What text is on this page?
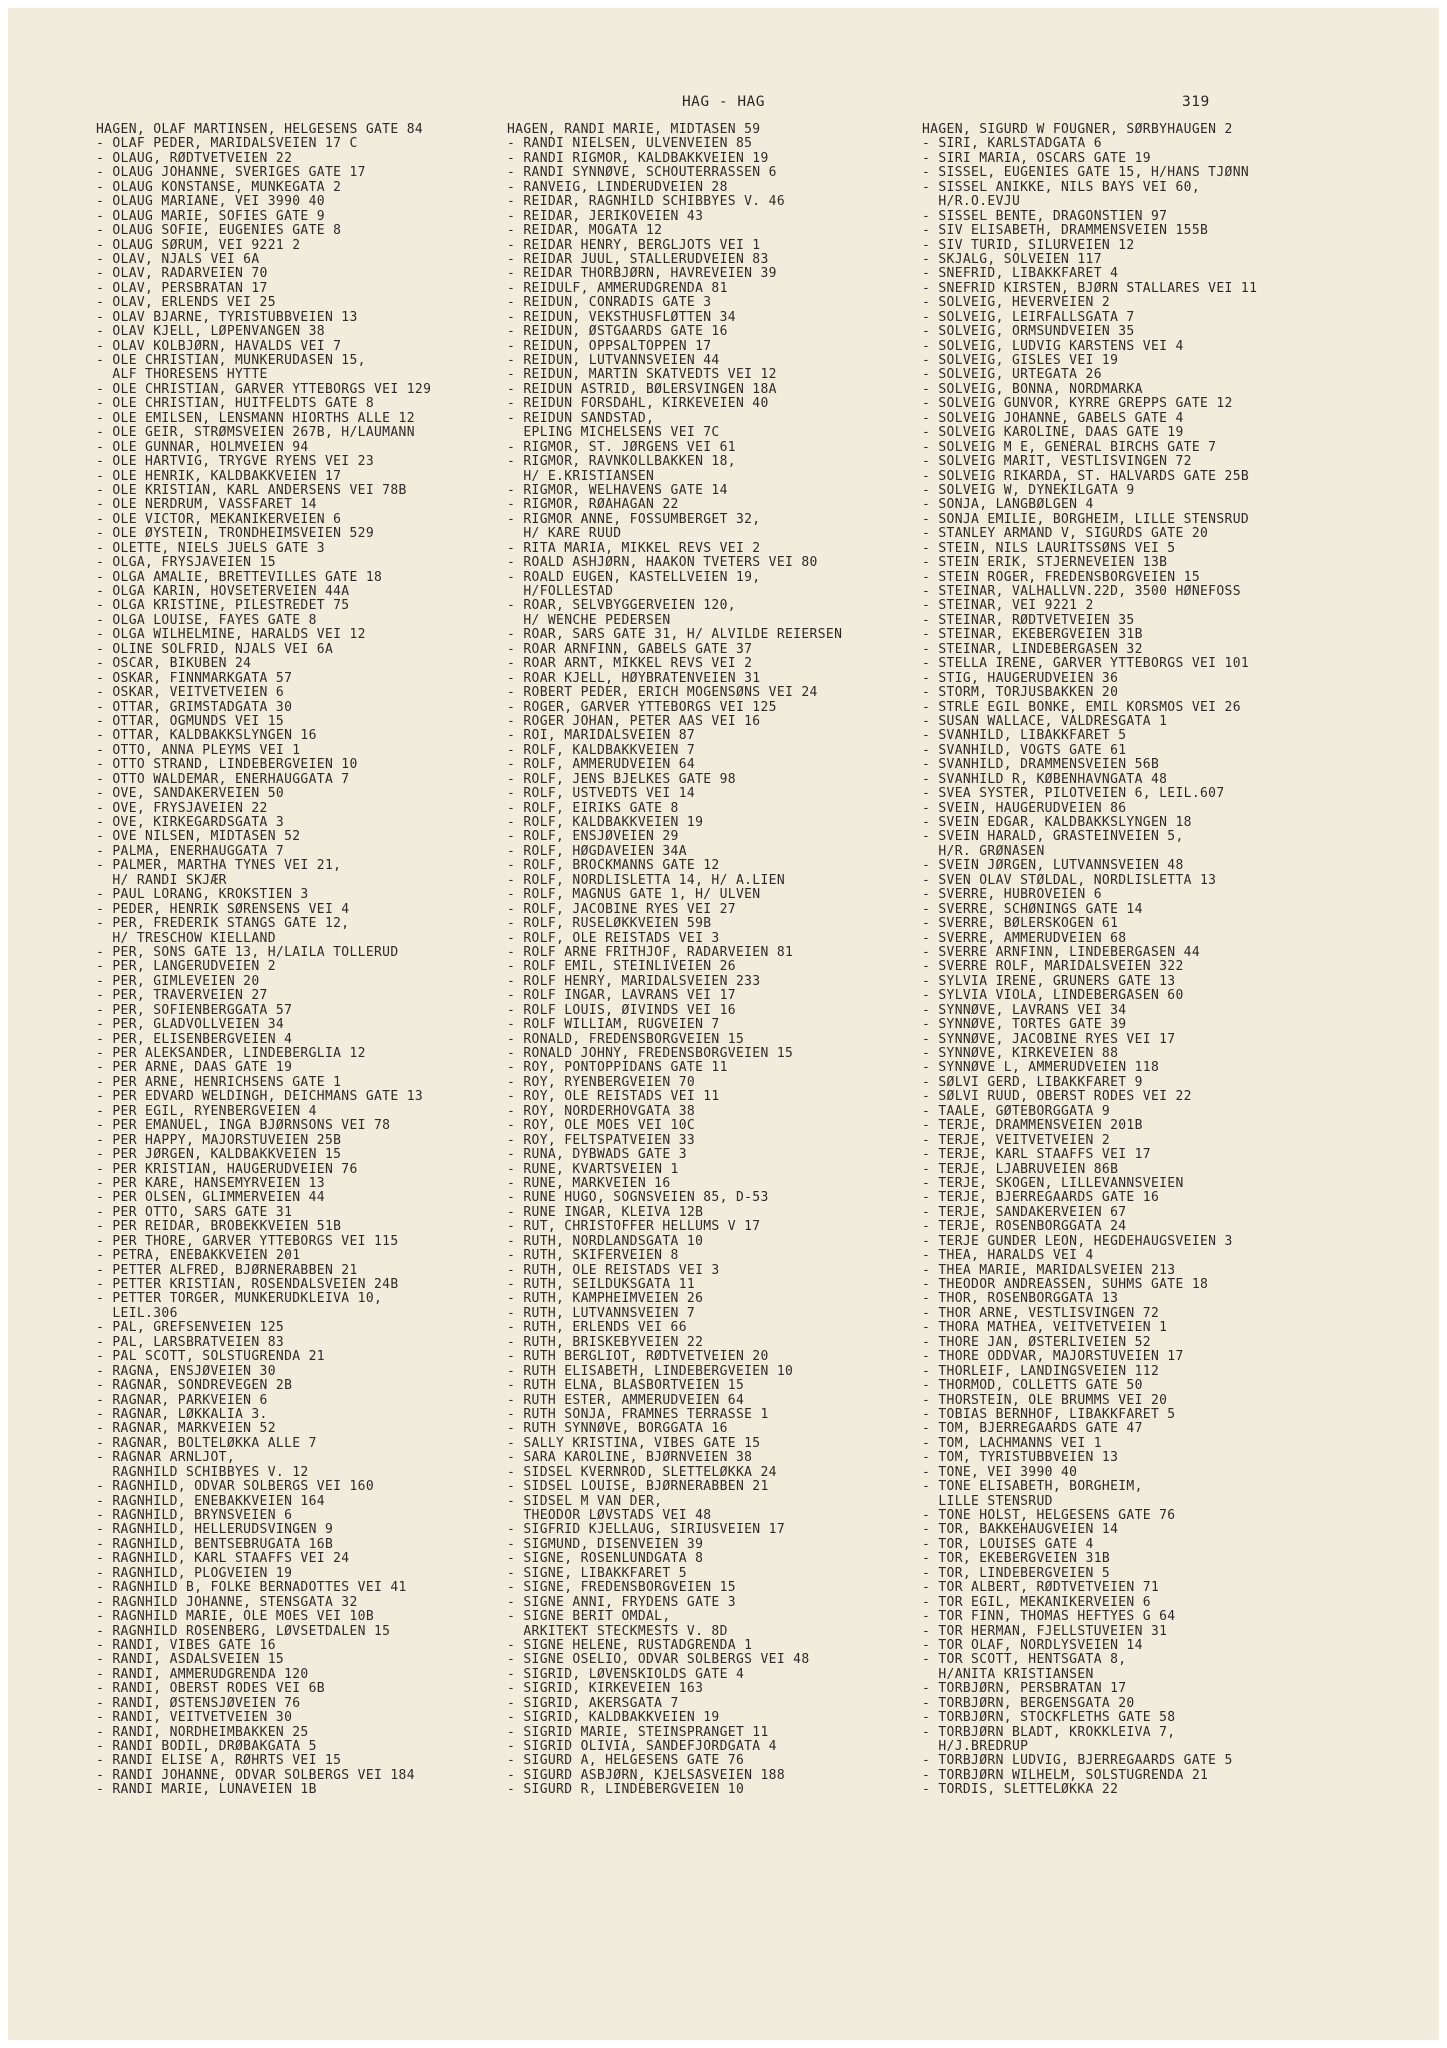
HAG - HAG	319
HAGEN, OLAF MARTINSEN, HELGESENS GATE 84
- OLAF PEDER, MARIDALSVEIEN 17 C
- OLAUG, RØDTVETVEIEN 22
- OLAUG JOHANNE, SVERIGES GATE 17
- OLAUG KONSTANSE, MUNKEGATA 2
- OLAUG MARIANE, VEI 3990 40
- OLAUG MARIE, SOFIES GATE 9
- OLAUG SOFIE, EUGENIES GATE 8
- OLAUG SØRUM, VEI 9221 2
- OLAV, NJÅLS VEI 6A
- OLAV, RADARVEIEN 70
- OLAV, PERSBRÅTAN 17
- OLAV, ERLENDS VEI 25
- OLAV BJARNE, TYRISTUBBVEIEN 13
- OLAV KJELL, LØPENVANGEN 38
- OLAV KOLBJØRN, HÅVALDS VEI 7
- OLE CHRISTIAN, MUNKERUDÅSEN 15,
ALF THORESENS HYTTE
- OLE CHRISTIAN, GARVER YTTEBORGS VEI 129
- OLE CHRISTIAN, HUITFELDTS GATE 8
- OLE EMILSEN, LENSMANN HIORTHS ALLE 12
- OLE GEIR, STRØMSVEIEN 267B, H/LAUMANN
- OLE GUNNAR, HOLMVEIEN 94
- OLE HARTVIG, TRYGVE RYENS VEI 23
- OLE HENRIK, KALDBAKKVEIEN 17
- OLE KRISTIAN, KARL ANDERSENS VEI 78B
- OLE NERDRUM, VASSFARET 14
- OLE VICTOR, MEKANIKERVEIEN 6
- OLE ØYSTEIN, TRONDHEIMSVEIEN 529
- OLETTE, NIELS JUELS GATE 3
- OLGA, FRYSJAVEIEN 15
- OLGA AMALIE, BRETTEVILLES GATE 18
- OLGA KARIN, HOVSETERVEIEN 44A
- OLGA KRISTINE, PILESTREDET 75
- OLGA LOUISE, FAYES GATE 8
- OLGA WILHELMINE, HARALDS VEI 12
- OLINE SOLFRID, NJÅLS VEI 6A
- OSCAR, BIKUBEN 24
- OSKAR, FINNMARKGATA 57
- OSKAR, VEITVETVEIEN 6
- OTTAR, GRIMSTADGATA 30
- OTTAR, OGMUNDS VEI 15
- OTTAR, KALDBAKKSLYNGEN 16
- OTTO, ANNA PLEYMS VEI 1
- OTTO STRAND, LINDEBERGVEIEN 10
- OTTO WALDEMAR, ENERHAUGGATA 7
- OVE, SANDAKERVEIEN 50
- OVE, FRYSJAVEIEN 22
- OVE, KIRKEGÅRDSGATA 3
- OVE NILSEN, MIDTÅSEN 52
- PALMA, ENERHAUGGATA 7
- PALMER, MARTHA TYNES VEI 21,
H/ RANDI SKJÆR
- PAUL LORANG, KROKSTIEN 3
- PEDER, HENRIK SØRENSENS VEI 4
- PER, FREDERIK STANGS GATE 12,
H/ TRESCHOW KIELLAND
- PER, SONS GATE 13, H/LAILA TOLLERUD
- PER, LANGERUDVEIEN 2
- PER, GIMLEVEIEN 20
- PER, TRAVERVEIEN 27
- PER, SOFIENBERGGATA 57
- PER, GLADVOLLVEIEN 34
- PER, ELISENBERGVEIEN 4
- PER ALEKSANDER, LINDEBERGLIA 12
- PER ARNE, DAAS GATE 19
- PER ARNE, HENRICHSENS GATE 1
- PER EDVARD WELDINGH, DEICHMANS GATE 13
- PER EGIL, RYENBERGVEIEN 4
- PER EMANUEL, INGA BJØRNSONS VEI 78
- PER HAPPY, MAJORSTUVEIEN 25B
- PER JØRGEN, KALDBAKKVEIEN 15
- PER KRISTIAN, HAUGERUDVEIEN 76
- PER KÅRE, HANSEMYRVEIEN 13
- PER OLSEN, GLIMMERVEIEN 44
- PER OTTO, SARS GATE 31
- PER REIDAR, BROBEKKVEIEN 51B
- PER THORE, GARVER YTTEBORGS VEI 115
- PETRA, ENEBAKKVEIEN 201
- PETTER ALFRED, BJØRNERABBEN 21
- PETTER KRISTIAN, ROSENDALSVEIEN 24B
- PETTER TORGER, MUNKERUDKLEIVA 10,
LEIL.306
- PÅL, GREFSENVEIEN 125
- PÅL, LARSBRÅTVEIEN 83
- PÅL SCOTT, SOLSTUGRENDA 21
- RAGNA, ENSJØVEIEN 30
- RAGNAR, SONDREVEGEN 2B
- RAGNAR, PARKVEIEN 6
- RAGNAR, LØKKALIA 3.
- RAGNAR, MARKVEIEN 52
- RAGNAR, BOLTELØKKA ALLE 7
- RAGNAR ARNLJOT,
RAGNHILD SCHIBBYES V. 12
- RAGNHILD, ODVAR SOLBERGS VEI 160
- RAGNHILD, ENEBAKKVEIEN 164
- RAGNHILD, BRYNSVEIEN 6
- RAGNHILD, HELLERUDSVINGEN 9
- RAGNHILD, BENTSEBRUGATA 16B
- RAGNHILD, KARL STAAFFS VEI 24
- RAGNHILD, PLOGVEIEN 19
- RAGNHILD B, FOLKE BERNADOTTES VEI 41
- RAGNHILD JOHANNE, STENSGATA 32
- RAGNHILD MARIE, OLE MOES VEI 10B
- RAGNHILD ROSENBERG, LØVSETDALEN 15
- RANDI, VIBES GATE 16
- RANDI, ÅSDALSVEIEN 15
- RANDI, AMMERUDGRENDA 120
- RANDI, OBERST RODES VEI 6B
- RANDI, ØSTENSJØVEIEN 76
- RANDI, VEITVETVEIEN 30
- RANDI, NORDHEIMBAKKEN 25
- RANDI BODIL, DRØBAKGATA 5
- RANDI ELISE A, RØHRTS VEI 15
- RANDI JOHANNE, ODVAR SOLBERGS VEI 184
- RANDI MARIE, LUNAVEIEN 1B
HAGEN, RANDI MARIE, MIDTÅSEN 59
- RANDI NIELSEN, ULVENVEIEN 85
- RANDI RIGMOR, KALDBAKKVEIEN 19
- RANDI SYNNØVE, SCHOUTERRASSEN 6
- RANVEIG, LINDERUDVEIEN 28
- REIDAR, RAGNHILD SCHIBBYES V. 46
- REIDAR, JERIKOVEIEN 43
- REIDAR, MOGATA 12
- REIDAR HENRY, BERGLJOTS VEI 1
- REIDAR JUUL, STALLERUDVEIEN 83
- REIDAR THORBJØRN, HAVREVEIEN 39
- REIDULF, AMMERUDGRENDA 81
- REIDUN, CONRADIS GATE 3
- REIDUN, VEKSTHUSFLØTTEN 34
- REIDUN, ØSTGAARDS GATE 16
- REIDUN, OPPSALTOPPEN 17
- REIDUN, LUTVANNSVEIEN 44
- REIDUN, MARTIN SKATVEDTS VEI 12
- REIDUN ASTRID, BØLERSVINGEN 18A
- REIDUN FORSDAHL, KIRKEVEIEN 40
- REIDUN SANDSTAD,
EPLING MICHELSENS VEI 7C
- RIGMOR, ST. JØRGENS VEI 61
- RIGMOR, RAVNKOLLBAKKEN 18,
H/ E.KRISTIANSEN
- RIGMOR, WELHAVENS GATE 14
- RIGMOR, RØAHAGAN 22
- RIGMOR ANNE, FOSSUMBERGET 32,
H/ KÅRE RUUD
- RITA MARIA, MIKKEL REVS VEI 2
- ROALD ASHJØRN, HAAKON TVETERS VEI 80
- ROALD EUGEN, KASTELLVEIEN 19,
H/FOLLESTAD
- ROAR, SELVBYGGERVEIEN 120,
H/ WENCHE PEDERSEN
- ROAR, SARS GATE 31, H/ ALVILDE REIERSEN
- ROAR ARNFINN, GABELS GATE 37
- ROAR ARNT, MIKKEL REVS VEI 2
- ROAR KJELL, HØYBRÅTENVEIEN 31
- ROBERT PEDER, ERICH MOGENSØNS VEI 24
- ROGER, GARVER YTTEBORGS VEI 125
- ROGER JOHAN, PETER AAS VEI 16
- ROI, MARIDALSVEIEN 87
- ROLF, KALDBAKKVEIEN 7
- ROLF, AMMERUDVEIEN 64
- ROLF, JENS BJELKES GATE 98
- ROLF, USTVEDTS VEI 14
- ROLF, EIRIKS GATE 8
- ROLF, KALDBAKKVEIEN 19
- ROLF, ENSJØVEIEN 29
- ROLF, HØGDAVEIEN 34A
- ROLF, BROCKMANNS GATE 12
- ROLF, NORDLISLETTA 14, H/ A.LIEN
- ROLF, MAGNUS GATE 1, H/ ULVEN
- ROLF, JACOBINE RYES VEI 27
- ROLF, RUSELØKKVEIEN 59B
- ROLF, OLE REISTADS VEI 3
- ROLF ARNE FRITHJOF, RADARVEIEN 81
- ROLF EMIL, STEINLIVEIEN 26
- ROLF HENRY, MARIDALSVEIEN 233
- ROLF INGAR, LAVRANS VEI 17
- ROLF LOUIS, ØIVINDS VEI 16
- ROLF WILLIAM, RUGVEIEN 7
- RONALD, FREDENSBORGVEIEN 15
- RONALD JOHNY, FREDENSBORGVEIEN 15
- ROY, PONTOPPIDANS GATE 11
- ROY, RYENBERGVEIEN 70
- ROY, OLE REISTADS VEI 11
- ROY, NORDERHOVGATA 38
- ROY, OLE MOES VEI 10C
- ROY, FELTSPATVEIEN 33
- RUNA, DYBWADS GATE 3
- RUNE, KVARTSVEIEN 1
- RUNE, MARKVEIEN 16
- RUNE HUGO, SOGNSVEIEN 85, D-53
- RUNE INGAR, KLEIVA 12B
- RUT, CHRISTOFFER HELLUMS V 17
- RUTH, NORDLANDSGATA 10
- RUTH, SKIFERVEIEN 8
- RUTH, OLE REISTADS VEI 3
- RUTH, SEILDUKSGATA 11
- RUTH, KAMPHEIMVEIEN 26
- RUTH, LUTVANNSVEIEN 7
- RUTH, ERLENDS VEI 66
- RUTH, BRISKEBYVEIEN 22
- RUTH BERGLIOT, RØDTVETVEIEN 20
- RUTH ELISABETH, LINDEBERGVEIEN 10
- RUTH ELNA, BLÅSBORTVEIEN 15
- RUTH ESTER, AMMERUDVEIEN 64
- RUTH SONJA, FRAMNES TERRASSE 1
- RUTH SYNNØVE, BORGGATA 16
- SALLY KRISTINA, VIBES GATE 15
- SARA KAROLINE, BJØRNVEIEN 38
- SIDSEL KVERNROD, SLETTELØKKA 24
- SIDSEL LOUISE, BJØRNERABBEN 21
- SIDSEL M VAN DER,
THEODOR LØVSTADS VEI 48
- SIGFRID KJELLAUG, SIRIUSVEIEN 17
- SIGMUND, DISENVEIEN 39
- SIGNE, ROSENLUNDGATA 8
- SIGNE, LIBAKKFARET 5
- SIGNE, FREDENSBORGVEIEN 15
- SIGNE ANNI, FRYDENS GATE 3
- SIGNE BERIT OMDAL,
ARKITEKT STECKMESTS V. 8D
- SIGNE HELENE, RUSTADGRENDA 1
- SIGNE OSELIO, ODVAR SOLBERGS VEI 48
- SIGRID, LØVENSKIOLDS GATE 4
- SIGRID, KIRKEVEIEN 163
- SIGRID, AKERSGATA 7
- SIGRID, KALDBAKKVEIEN 19
- SIGRID MARIE, STEINSPRANGET 11
- SIGRID OLIVIA, SANDEFJORDGATA 4
- SIGURD A, HELGESENS GATE 76
- SIGURD ASBJØRN, KJELSÅSVEIEN 188
- SIGURD R, LINDEBERGVEIEN 10
HAGEN, SIGURD W FOUGNER, SØRBYHAUGEN 2
- SIRI, KARLSTADGATA 6
- SIRI MARIA, OSCARS GATE 19
- SISSEL, EUGENIES GATE 15, H/HANS TJØNN
- SISSEL ANIKKE, NILS BAYS VEI 60,
H/R.O.EVJU
- SISSEL BENTE, DRAGONSTIEN 97
- SIV ELISABETH, DRAMMENSVEIEN 155B
- SIV TURID, SILURVEIEN 12
- SKJALG, SOLVEIEN 117
- SNEFRID, LIBAKKFARET 4
- SNEFRID KIRSTEN, BJØRN STALLARES VEI 11
- SOLVEIG, HEVERVEIEN 2
- SOLVEIG, LEIRFALLSGATA 7
- SOLVEIG, ORMSUNDVEIEN 35
- SOLVEIG, LUDVIG KARSTENS VEI 4
- SOLVEIG, GISLES VEI 19
- SOLVEIG, URTEGATA 26
- SOLVEIG, BONNA, NORDMARKA
- SOLVEIG GUNVOR, KYRRE GREPPS GATE 12
- SOLVEIG JOHANNE, GABELS GATE 4
- SOLVEIG KAROLINE, DAAS GATE 19
- SOLVEIG M E, GENERAL BIRCHS GATE 7
- SOLVEIG MARIT, VESTLISVINGEN 72
- SOLVEIG RIKARDA, ST. HALVARDS GATE 25B
- SOLVEIG W, DYNEKILGATA 9
- SONJA, LANGBØLGEN 4
- SONJA EMILIE, BORGHEIM, LILLE STENSRUD
- STANLEY ARMAND V, SIGURDS GATE 20
- STEIN, NILS LAURITSSØNS VEI 5
- STEIN ERIK, STJERNEVEIEN 13B
- STEIN ROGER, FREDENSBORGVEIEN 15
- STEINAR, VALHALLVN.22D, 3500 HØNEFOSS
- STEINAR, VEI 9221 2
- STEINAR, RØDTVETVEIEN 35
- STEINAR, EKEBERGVEIEN 31B
- STEINAR, LINDEBERGÅSEN 32
- STELLA IRENE, GARVER YTTEBORGS VEI 101
- STIG, HAUGERUDVEIEN 36
- STORM, TORJUSBAKKEN 20
- STRLE EGIL BONKE, EMIL KORSMOS VEI 26
- SUSAN WALLACE, VALDRESGATA 1
- SVANHILD, LIBAKKFARET 5
- SVANHILD, VOGTS GATE 61
- SVANHILD, DRAMMENSVEIEN 56B
- SVANHILD R, KØBENHAVNGATA 48
- SVEA SYSTER, PILOTVEIEN 6, LEIL.607
- SVEIN, HAUGERUDVEIEN 86
- SVEIN EDGAR, KALDBAKKSLYNGEN 18
- SVEIN HARALD, GRÅSTEINVEIEN 5,
H/R. GRØNÅSEN
- SVEIN JØRGEN, LUTVANNSVEIEN 48
- SVEN OLAV STØLDAL, NORDLISLETTA 13
- SVERRE, HUBROVEIEN 6
- SVERRE, SCHØNINGS GATE 14
- SVERRE, BØLERSKOGEN 61
- SVERRE, AMMERUDVEIEN 68
- SVERRE ARNFINN, LINDEBERGÅSEN 44
- SVERRE ROLF, MARIDALSVEIEN 322
- SYLVIA IRENE, GRÜNERS GATE 13
- SYLVIA VIOLA, LINDEBERGÅSEN 60
- SYNNØVE, LAVRANS VEI 34
- SYNNØVE, TORTES GATE 39
- SYNNØVE, JACOBINE RYES VEI 17
- SYNNØVE, KIRKEVEIEN 88
- SYNNØVE L, AMMERUDVEIEN 118
- SØLVI GERD, LIBAKKFARET 9
- SØLVI RUUD, OBERST RODES VEI 22
- TAALE, GØTEBORGGATA 9
- TERJE, DRAMMENSVEIEN 201B
- TERJE, VEITVETVEIEN 2
- TERJE, KARL STAAFFS VEI 17
- TERJE, LJABRUVEIEN 86B
- TERJE, SKOGEN, LILLEVANNSVEIEN
- TERJE, BJERREGAARDS GATE 16
- TERJE, SANDAKERVEIEN 67
- TERJE, ROSENBORGGATA 24
- TERJE GUNDER LEON, HEGDEHAUGSVEIEN 3
- THEA, HARALDS VEI 4
- THEA MARIE, MARIDALSVEIEN 213
- THEODOR ANDREASSEN, SUHMS GATE 18
- THOR, ROSENBORGGATA 13
- THOR ARNE, VESTLISVINGEN 72
- THORA MATHEA, VEITVETVEIEN 1
- THORE JAN, ØSTERLIVEIEN 52
- THORE ODDVAR, MAJORSTUVEIEN 17
- THORLEIF, LANDINGSVEIEN 112
- THORMOD, COLLETTS GATE 50
- THORSTEIN, OLE BRUMMS VEI 20
- TOBIAS BERNHOF, LIBAKKFARET 5
- TOM, BJERREGAARDS GATE 47
- TOM, LACHMANNS VEI 1
- TOM, TYRISTUBBVEIEN 13
- TONE, VEI 3990 40
- TONE ELISABETH, BORGHEIM,
LILLE STENSRUD
- TONE HOLST, HELGESENS GATE 76
- TOR, BAKKEHAUGVEIEN 14
- TOR, LOUISES GATE 4
- TOR, EKEBERGVEIEN 31B
- TOR, LINDEBERGVEIEN 5
- TOR ALBERT, RØDTVETVEIEN 71
- TOR EGIL, MEKANIKERVEIEN 6
- TOR FINN, THOMAS HEFTYES G 64
- TOR HERMAN, FJELLSTUVEIEN 31
- TOR OLAF, NORDLYSVEIEN 14
- TOR SCOTT, HENTSGATA 8,
H/ANITA KRISTIANSEN
- TORBJØRN, PERSBRÅTAN 17
- TORBJØRN, BERGENSGATA 20
- TORBJØRN, STOCKFLETHS GATE 58
- TORBJØRN BLADT, KROKKLEIVA 7,
H/J.BREDRUP
- TORBJØRN LUDVIG, BJERREGAARDS GATE 5
- TORBJØRN WILHELM, SOLSTUGRENDA 21
- TORDIS, SLETTELØKKA 22
